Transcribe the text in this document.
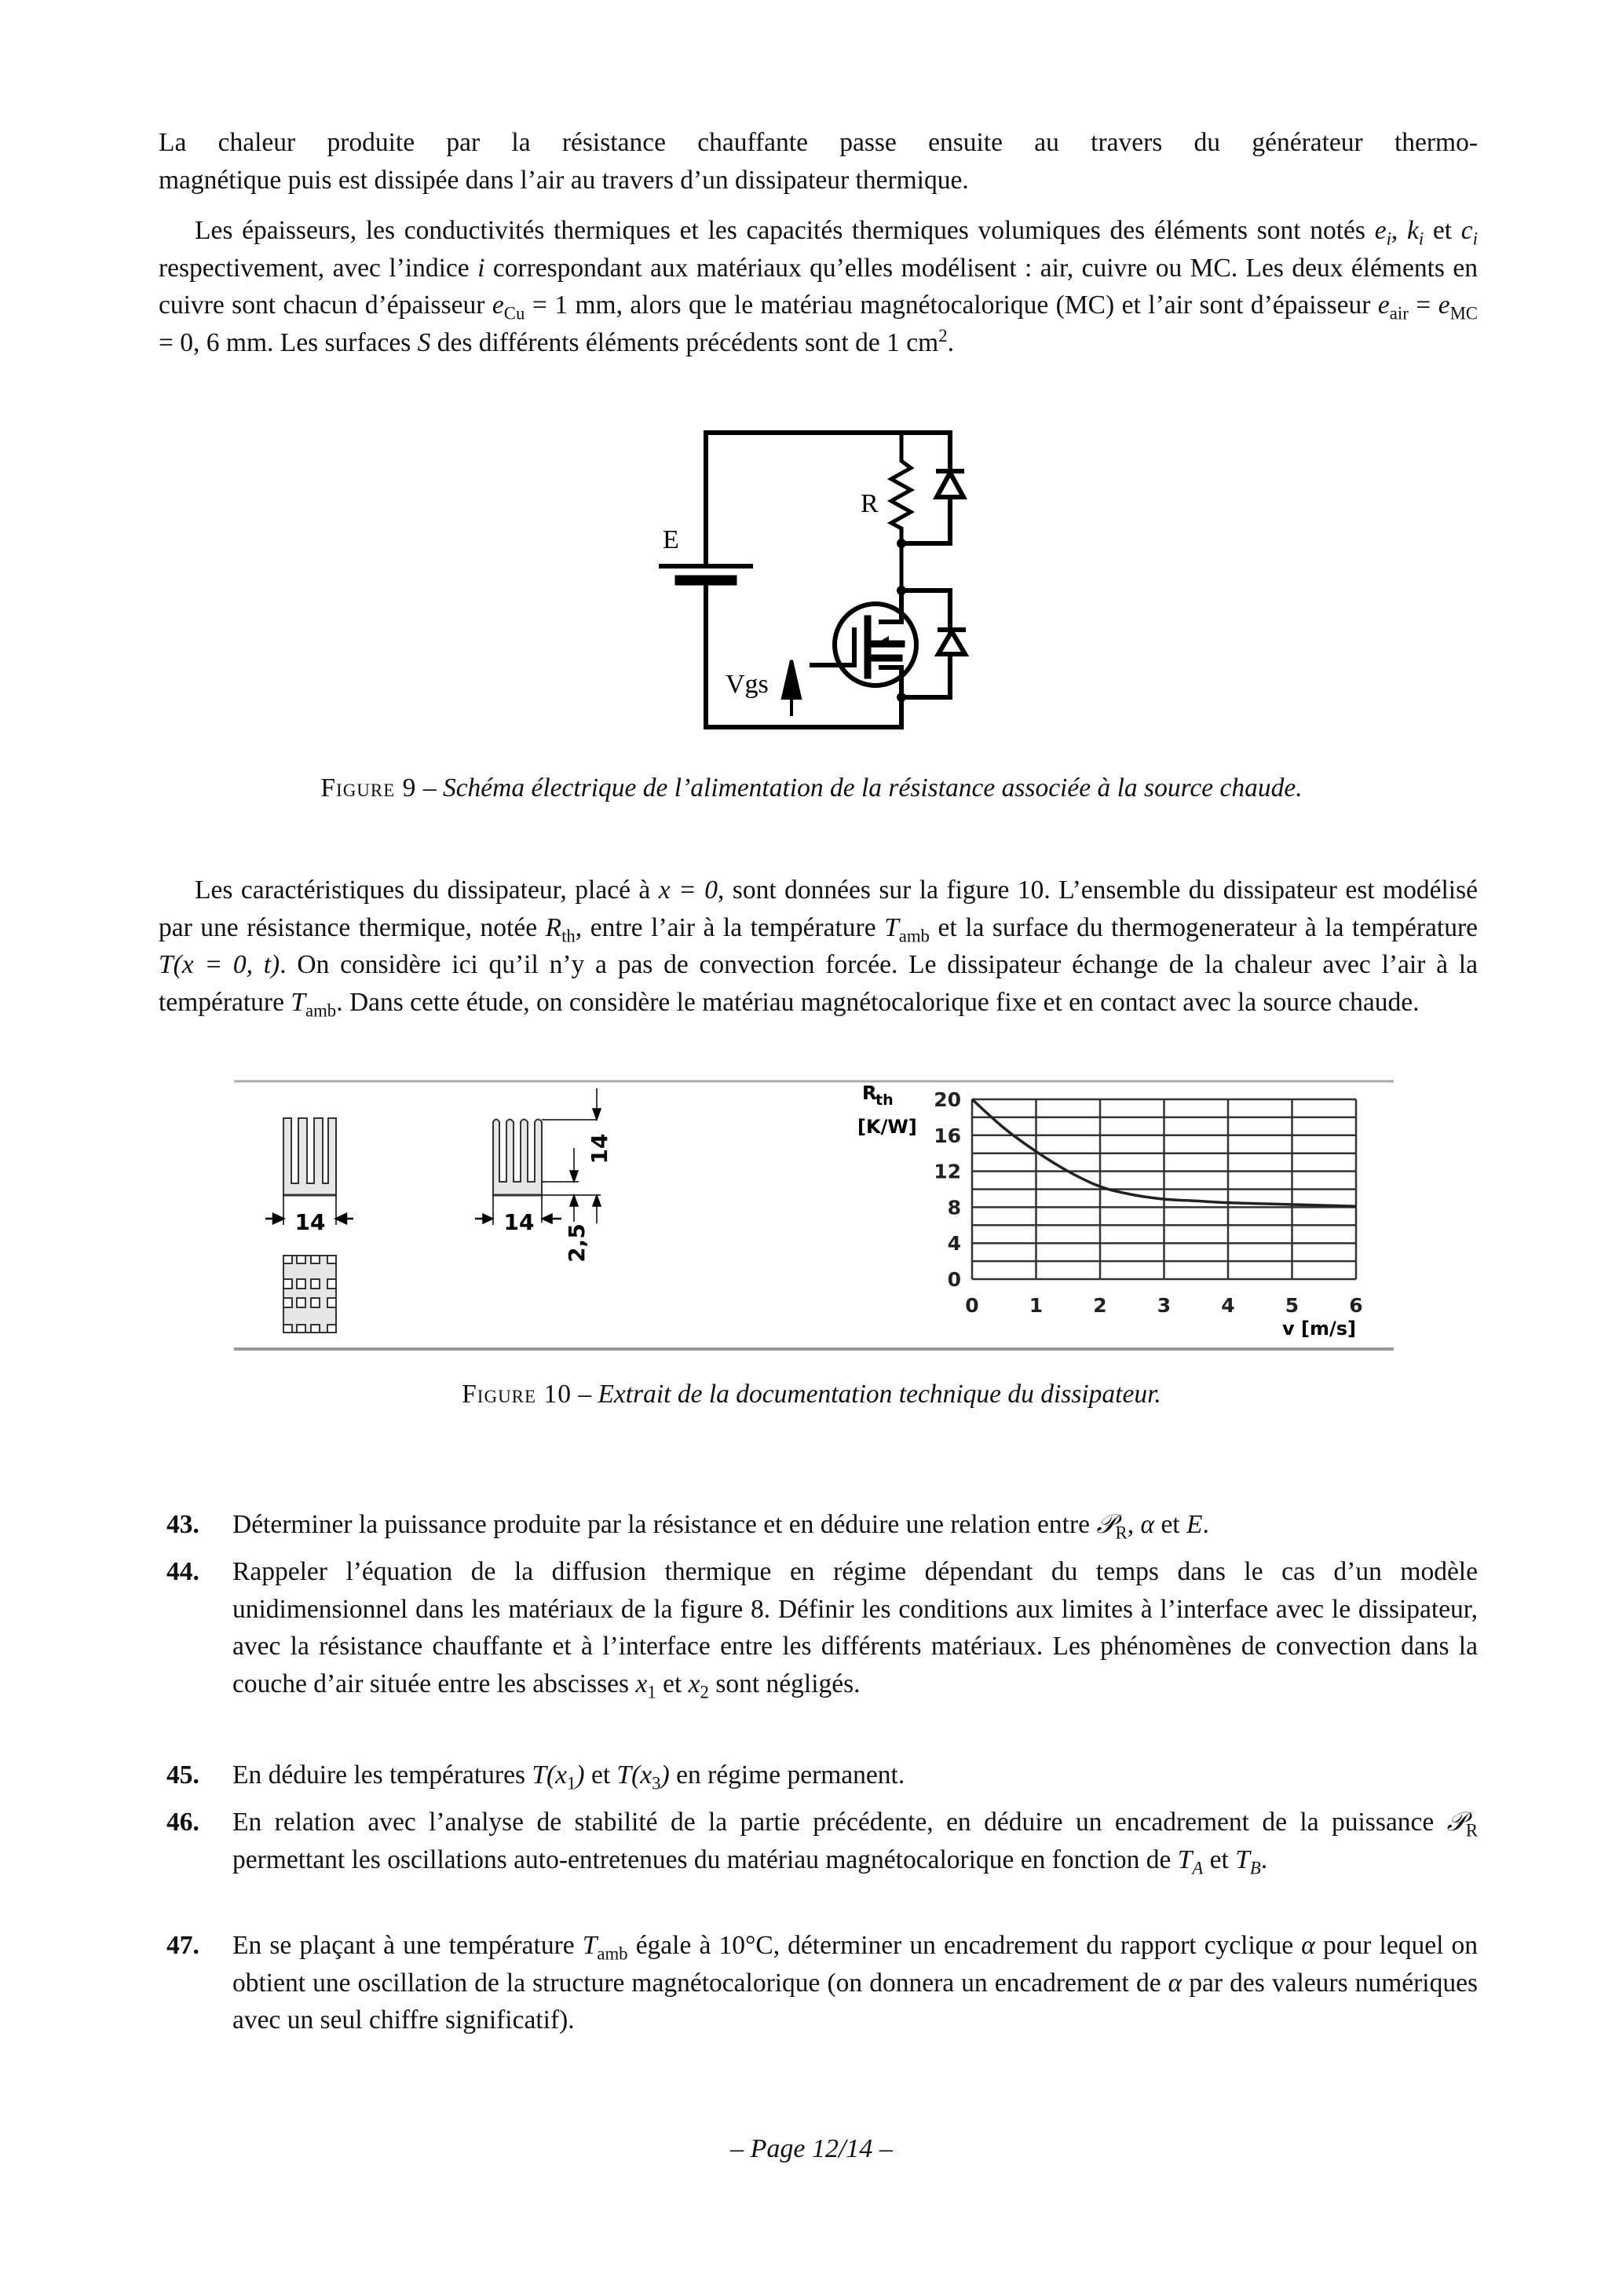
La chaleur produite par la résistance chauffante passe ensuite au travers du générateur thermo-

magnétique puis est dissipée dans l’air au travers d’un dissipateur thermique.

Les épaisseurs, les conductivités thermiques et les capacités thermiques volumiques des éléments sont notés $e_i$, $k_i$ et $c_i$ respectivement, avec l’indice i correspondant aux matériaux qu’elles modélisent : air, cuivre ou MC. Les deux éléments en cuivre sont chacun d’épaisseur $e_{Cu} = 1$ mm, alors que le matériau magnétocalorique (MC) et l’air sont d’épaisseur $e_{air} = e_{MC} = 0$, 6 mm. Les surfaces S des différents éléments précédents sont de 1 $cm^2$.

E
R
Vgs
Figure 9 – Schéma électrique de l’alimentation de la résistance associée à la source chaude.

Les caractéristiques du dissipateur, placé à x = 0, sont données sur la figure 10. L’ensemble du dissipateur est modélisé par une résistance thermique, notée $R_{th}$, entre l’air à la température $T_{amb}$ et la surface du thermogenerateur à la température T(x = 0, t). On considère ici qu’il n’y a pas de convection forcée. Le dissipateur échange de la chaleur avec l’air à la température $T_{amb}$. Dans cette étude, on considère le matériau magnétocalorique fixe et en contact avec la source chaude.

14	14
14
2,5
0
4
8
12
16
20
0	1	2	3	4	5	6
R
th
[K/W]
v [m/s]
Figure 10 – Extrait de la documentation technique du dissipateur.
43. Déterminer la puissance produite par la résistance et en déduire une relation entre 𝒫$_R$, α et E.
44. Rappeler l’équation de la diffusion thermique en régime dépendant du temps dans le cas d’un modèle unidimensionnel dans les matériaux de la figure 8. Définir les conditions aux limites à l’interface avec le dissipateur, avec la résistance chauffante et à l’interface entre les différents matériaux. Les phénomènes de convection dans la couche d’air située entre les abscisses $x_1$ et $x_2$ sont négligés.
45. En déduire les températures $T(x_1)$ et $T(x_3)$ en régime permanent.
46. En relation avec l’analyse de stabilité de la partie précédente, en déduire un encadrement de la puissance 𝒫$_R$ permettant les oscillations auto-entretenues du matériau magnétocalorique en fonction de $T_A$ et $T_B$.
47. En se plaçant à une température $T_{amb}$ égale à 10°C, déterminer un encadrement du rapport cyclique α pour lequel on obtient une oscillation de la structure magnétocalorique (on donnera un encadrement de α par des valeurs numériques avec un seul chiffre significatif).
– Page 12/14 –
